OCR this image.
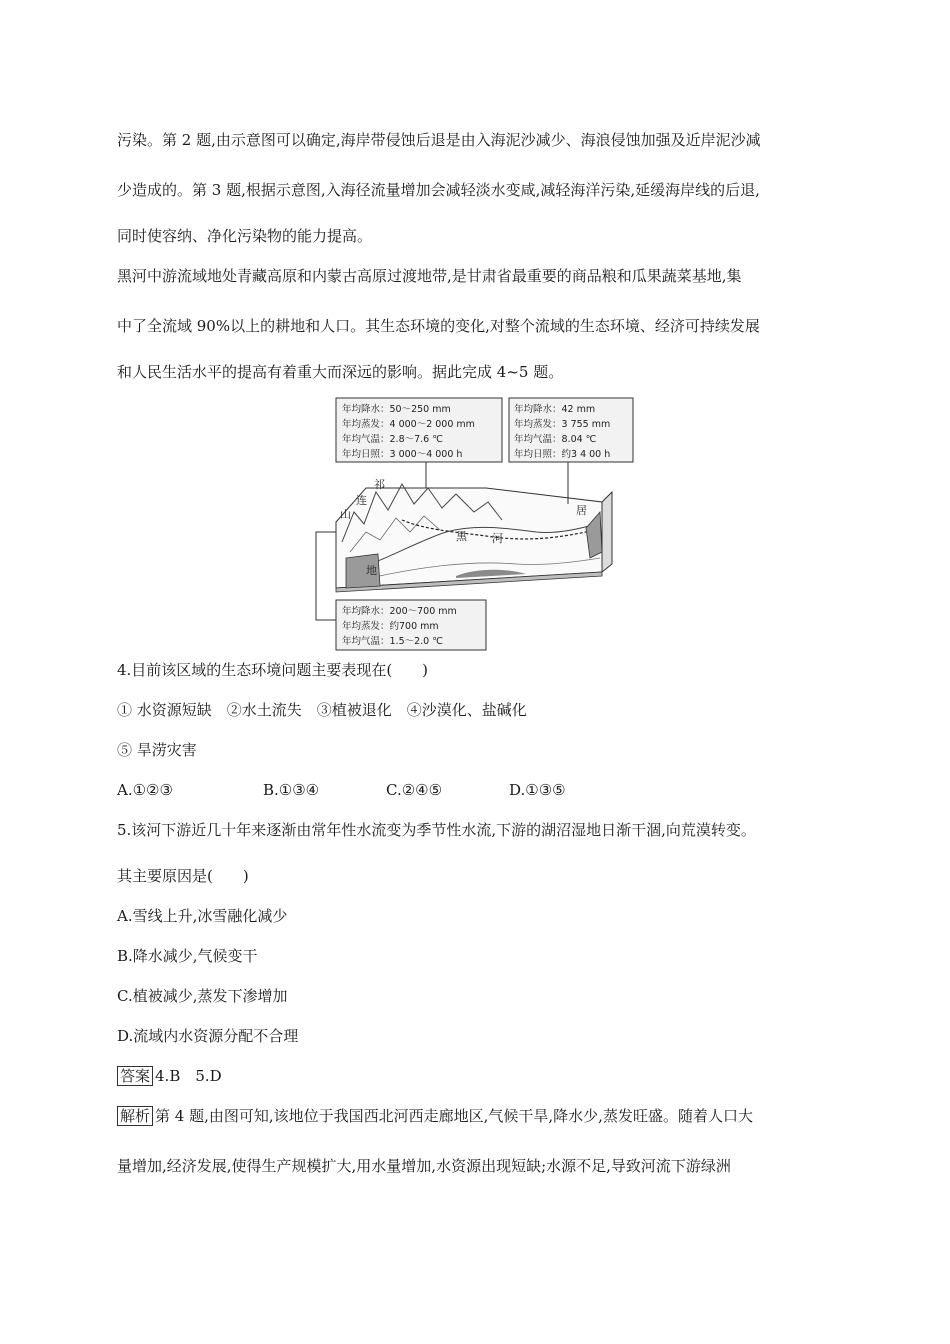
污染。第 2 题,由示意图可以确定,海岸带侵蚀后退是由入海泥沙减少、海浪侵蚀加强及近岸泥沙减
少造成的。第 3 题,根据示意图,入海径流量增加会减轻淡水变咸,减轻海洋污染,延缓海岸线的后退,
同时使容纳、净化污染物的能力提高。
黑河中游流域地处青藏高原和内蒙古高原过渡地带,是甘肃省最重要的商品粮和瓜果蔬菜基地,集
中了全流域 90%以上的耕地和人口。其生态环境的变化,对整个流域的生态环境、经济可持续发展
和人民生活水平的提高有着重大而深远的影响。据此完成 4~5 题。
年均降水：50～250 mm
年均蒸发：4 000～2 000 mm
年均气温：2.8～7.6 ℃
年均日照：3 000～4 000 h
年均降水：42 mm
年均蒸发：3 755 mm
年均气温：8.04 ℃
年均日照：约3 4 00 h
祁
连
山
黑 河
地
居
年均降水：200～700 mm
年均蒸发：约700 mm
年均气温：1.5～2.0 ℃
4.目前该区域的生态环境问题主要表现在(　　)
① 水资源短缺　②水土流失　③植被退化　④沙漠化、盐碱化
⑤ 旱涝灾害
A.①②③	B.①③④	C.②④⑤	D.①③⑤
5.该河下游近几十年来逐渐由常年性水流变为季节性水流,下游的湖沼湿地日渐干涸,向荒漠转变。
其主要原因是(　　)
A.雪线上升,冰雪融化减少
B.降水减少,气候变干
C.植被减少,蒸发下渗增加
D.流域内水资源分配不合理
答案 4.B　5.D
解析 第 4 题,由图可知,该地位于我国西北河西走廊地区,气候干旱,降水少,蒸发旺盛。随着人口大
量增加,经济发展,使得生产规模扩大,用水量增加,水资源出现短缺;水源不足,导致河流下游绿洲
